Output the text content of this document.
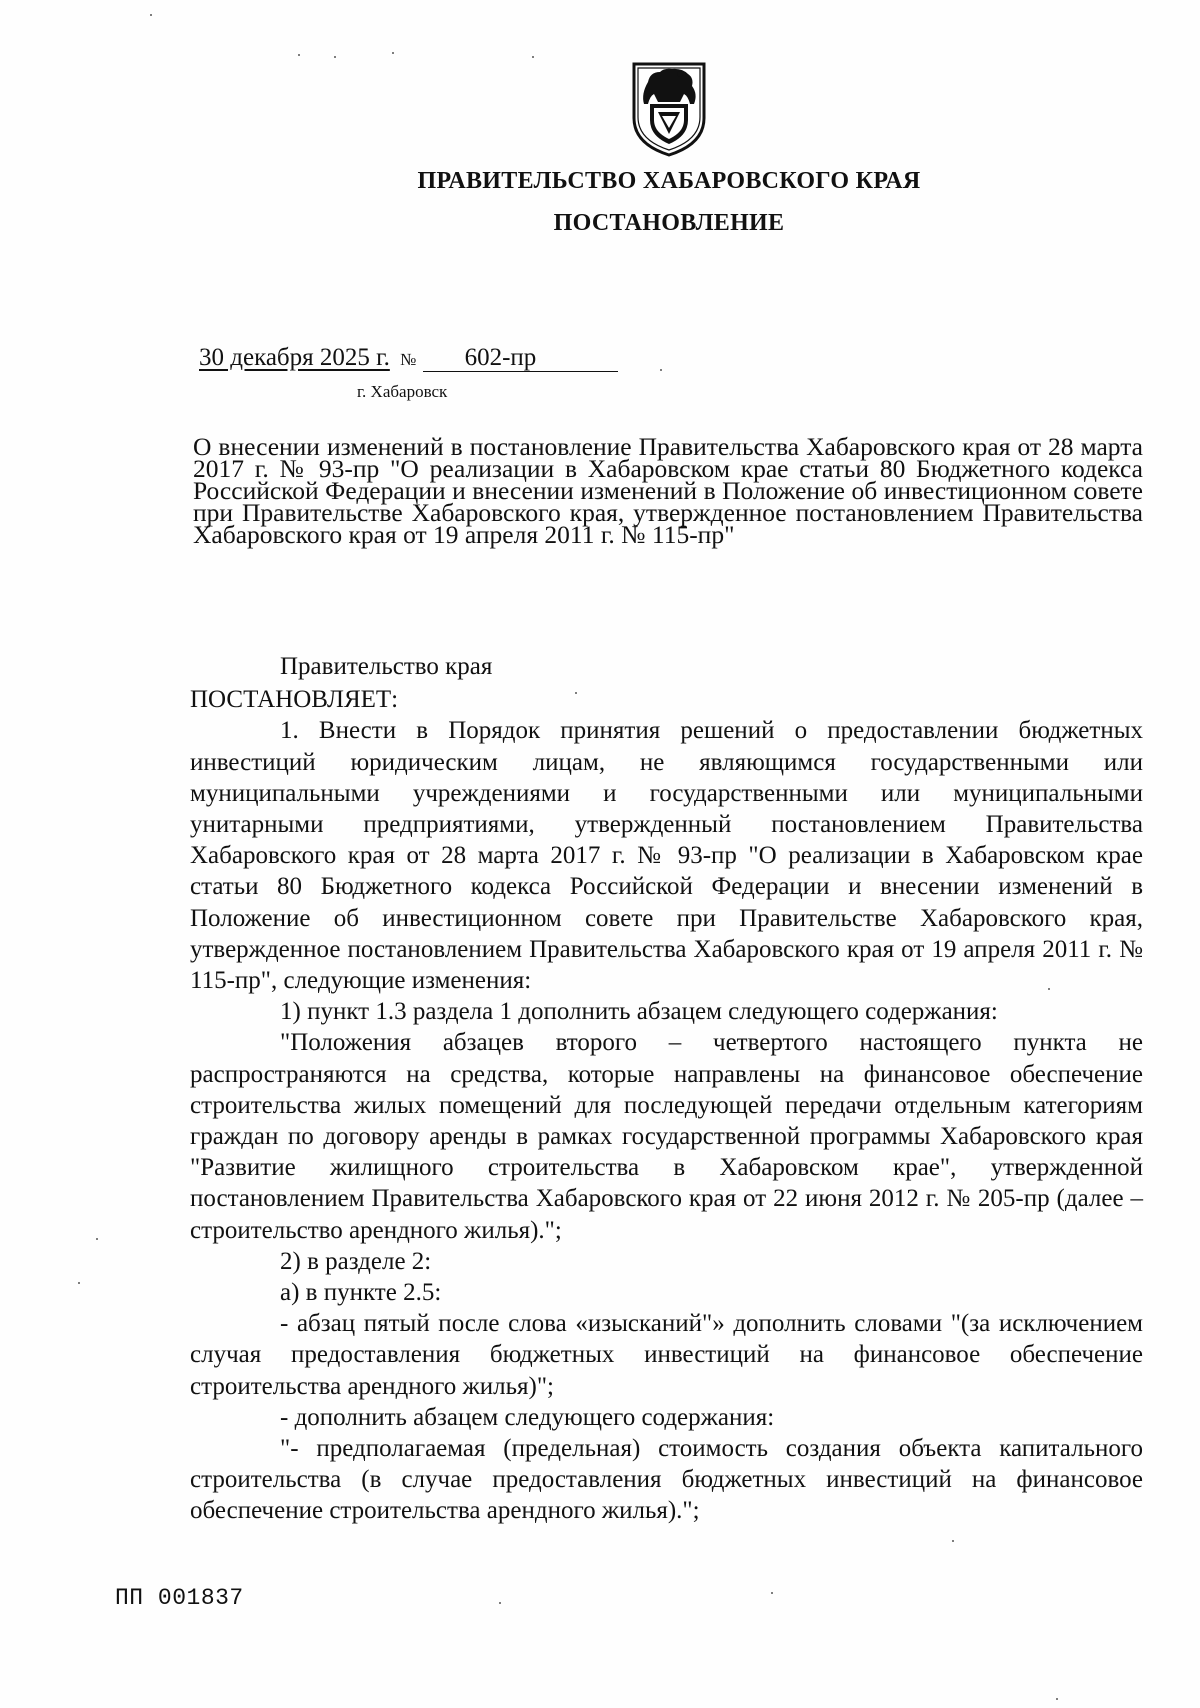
ПРАВИТЕЛЬСТВО ХАБАРОВСКОГО КРАЯ
ПОСТАНОВЛЕНИЕ
30 декабря 2025 г. № 602-пр
г. Хабаровск
О внесении изменений в постановление Правительства Хабаровского края от 28 марта 2017 г. № 93-пр "О реализации в Хабаровском крае статьи 80 Бюджетного кодекса Российской Федерации и внесении изменений в Положение об инвестиционном совете при Правительстве Хабаровского края, утвержденное постановлением Правительства Хабаровского края от 19 апреля 2011 г. № 115-пр"

Правительство края

ПОСТАНОВЛЯЕТ:

1. Внести в Порядок принятия решений о предоставлении бюджетных инвестиций юридическим лицам, не являющимся государственными или муниципальными учреждениями и государственными или муниципальными унитарными предприятиями, утвержденный постановлением Правительства Хабаровского края от 28 марта 2017 г. № 93-пр "О реализации в Хабаровском крае статьи 80 Бюджетного кодекса Российской Федерации и внесении изменений в Положение об инвестиционном совете при Правительстве Хабаровского края, утвержденное постановлением Правительства Хабаровского края от 19 апреля 2011 г. № 115-пр", следующие изменения:

1) пункт 1.3 раздела 1 дополнить абзацем следующего содержания:

"Положения абзацев второго – четвертого настоящего пункта не распространяются на средства, которые направлены на финансовое обеспечение строительства жилых помещений для последующей передачи отдельным категориям граждан по договору аренды в рамках государственной программы Хабаровского края "Развитие жилищного строительства в Хабаровском крае", утвержденной постановлением Правительства Хабаровского края от 22 июня 2012 г. № 205-пр (далее – строительство арендного жилья).";

2) в разделе 2:

а) в пункте 2.5:

- абзац пятый после слова «изысканий"» дополнить словами "(за исключением случая предоставления бюджетных инвестиций на финансовое обеспечение строительства арендного жилья)";

- дополнить абзацем следующего содержания:

"- предполагаемая (предельная) стоимость создания объекта капитального строительства (в случае предоставления бюджетных инвестиций на финансовое обеспечение строительства арендного жилья).";

ПП 001837
